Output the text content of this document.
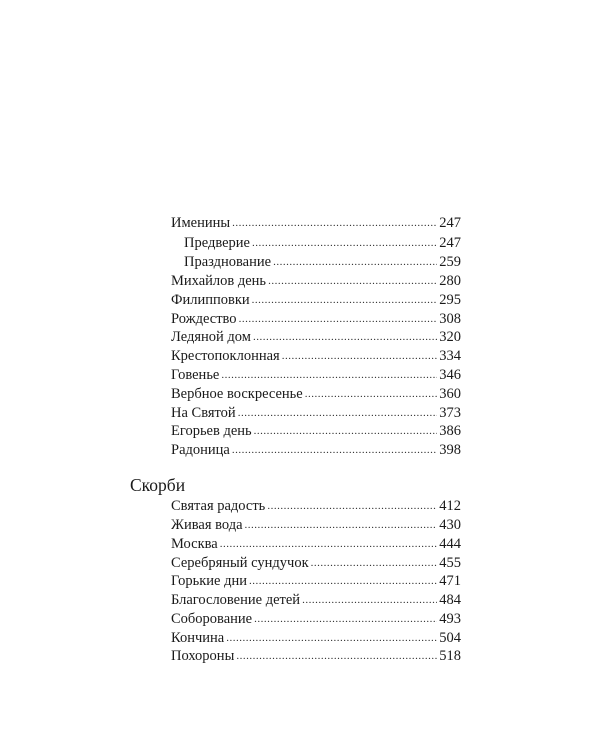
Именины .....	247
Предверие .....	247
Празднование .....	259
Михайлов день .....	280
Филипповки .....	295
Рождество .....	308
Ледяной дом .....	320
Крестопоклонная .....	334
Говенье .....	346
Вербное воскресенье .....	360
На Святой .....	373
Егорьев день .....	386
Радоница .....	398
Скорби
Святая радость .....	412
Живая вода .....	430
Москва .....	444
Серебряный сундучок .....	455
Горькие дни .....	471
Благословение детей .....	484
Соборование .....	493
Кончина .....	504
Похороны .....	518
